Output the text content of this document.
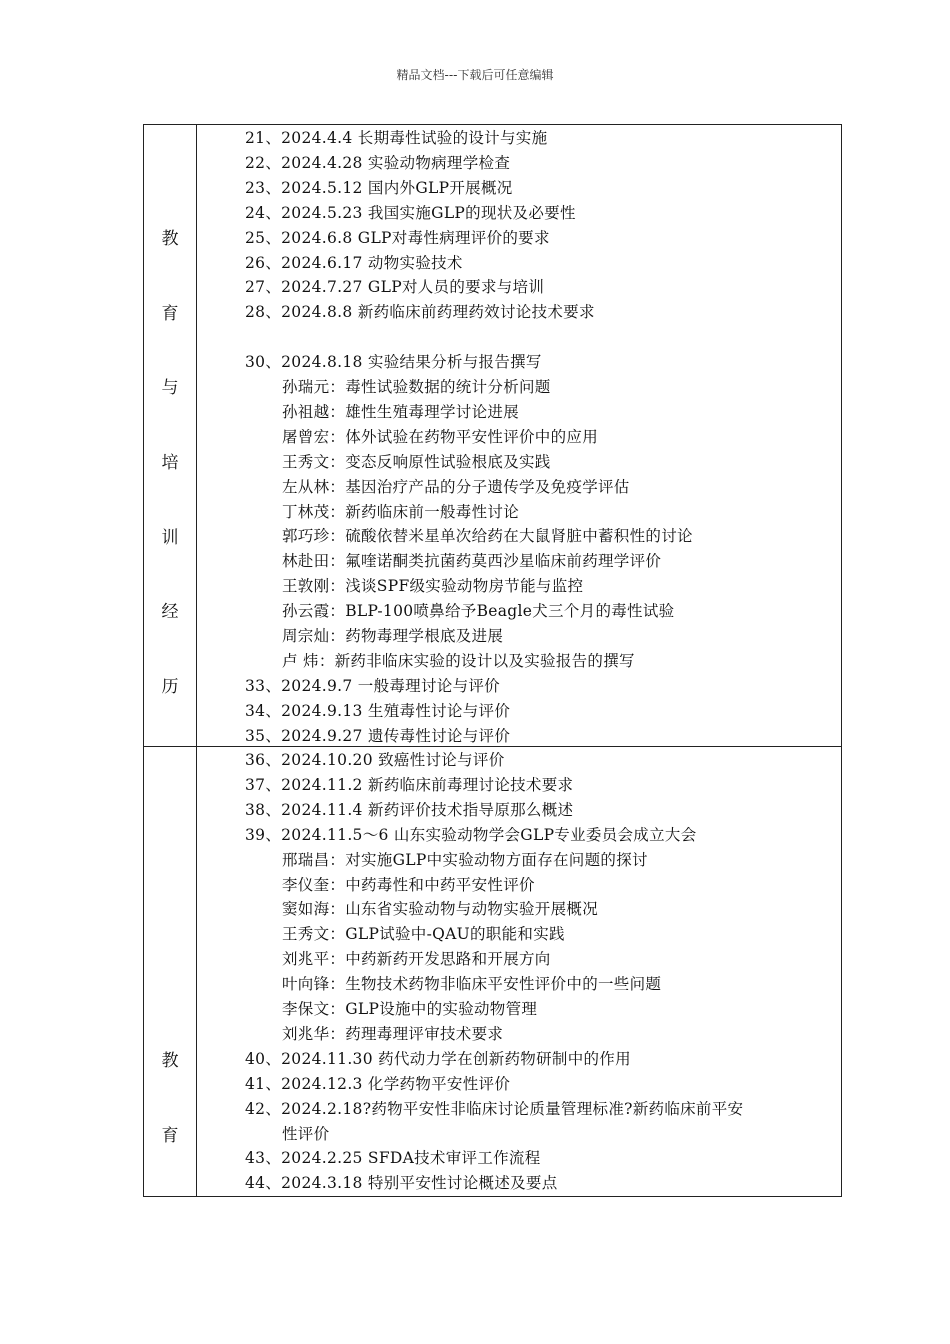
精品文档---下载后可任意编辑
教
育
与
培
训
经
历
21、2024.4.4 长期毒性试验的设计与实施
22、2024.4.28 实验动物病理学检查
23、2024.5.12 国内外GLP开展概况
24、2024.5.23 我国实施GLP的现状及必要性
25、2024.6.8 GLP对毒性病理评价的要求
26、2024.6.17 动物实验技术
27、2024.7.27 GLP对人员的要求与培训
28、2024.8.8 新药临床前药理药效讨论技术要求
30、2024.8.18 实验结果分析与报告撰写
孙瑞元：毒性试验数据的统计分析问题
孙祖越：雄性生殖毒理学讨论进展
屠曾宏：体外试验在药物平安性评价中的应用
王秀文：变态反响原性试验根底及实践
左从林：基因治疗产品的分子遗传学及免疫学评估
丁林茂：新药临床前一般毒性讨论
郭巧珍：硫酸依替米星单次给药在大鼠肾脏中蓄积性的讨论
林赴田：氟喹诺酮类抗菌药莫西沙星临床前药理学评价
王敦刚：浅谈SPF级实验动物房节能与监控
孙云霞：BLP-100喷鼻给予Beagle犬三个月的毒性试验
周宗灿：药物毒理学根底及进展
卢 炜：新药非临床实验的设计以及实验报告的撰写
33、2024.9.7 一般毒理讨论与评价
34、2024.9.13 生殖毒性讨论与评价
35、2024.9.27 遗传毒性讨论与评价
教
育
36、2024.10.20 致癌性讨论与评价
37、2024.11.2 新药临床前毒理讨论技术要求
38、2024.11.4 新药评价技术指导原那么概述
39、2024.11.5～6 山东实验动物学会GLP专业委员会成立大会
邢瑞昌：对实施GLP中实验动物方面存在问题的探讨
李仪奎：中药毒性和中药平安性评价
窦如海：山东省实验动物与动物实验开展概况
王秀文：GLP试验中-QAU的职能和实践
刘兆平：中药新药开发思路和开展方向
叶向锋：生物技术药物非临床平安性评价中的一些问题
李保文：GLP设施中的实验动物管理
刘兆华：药理毒理评审技术要求
40、2024.11.30 药代动力学在创新药物研制中的作用
41、2024.12.3 化学药物平安性评价
42、2024.2.18?药物平安性非临床讨论质量管理标准?新药临床前平安
性评价
43、2024.2.25 SFDA技术审评工作流程
44、2024.3.18 特别平安性讨论概述及要点
